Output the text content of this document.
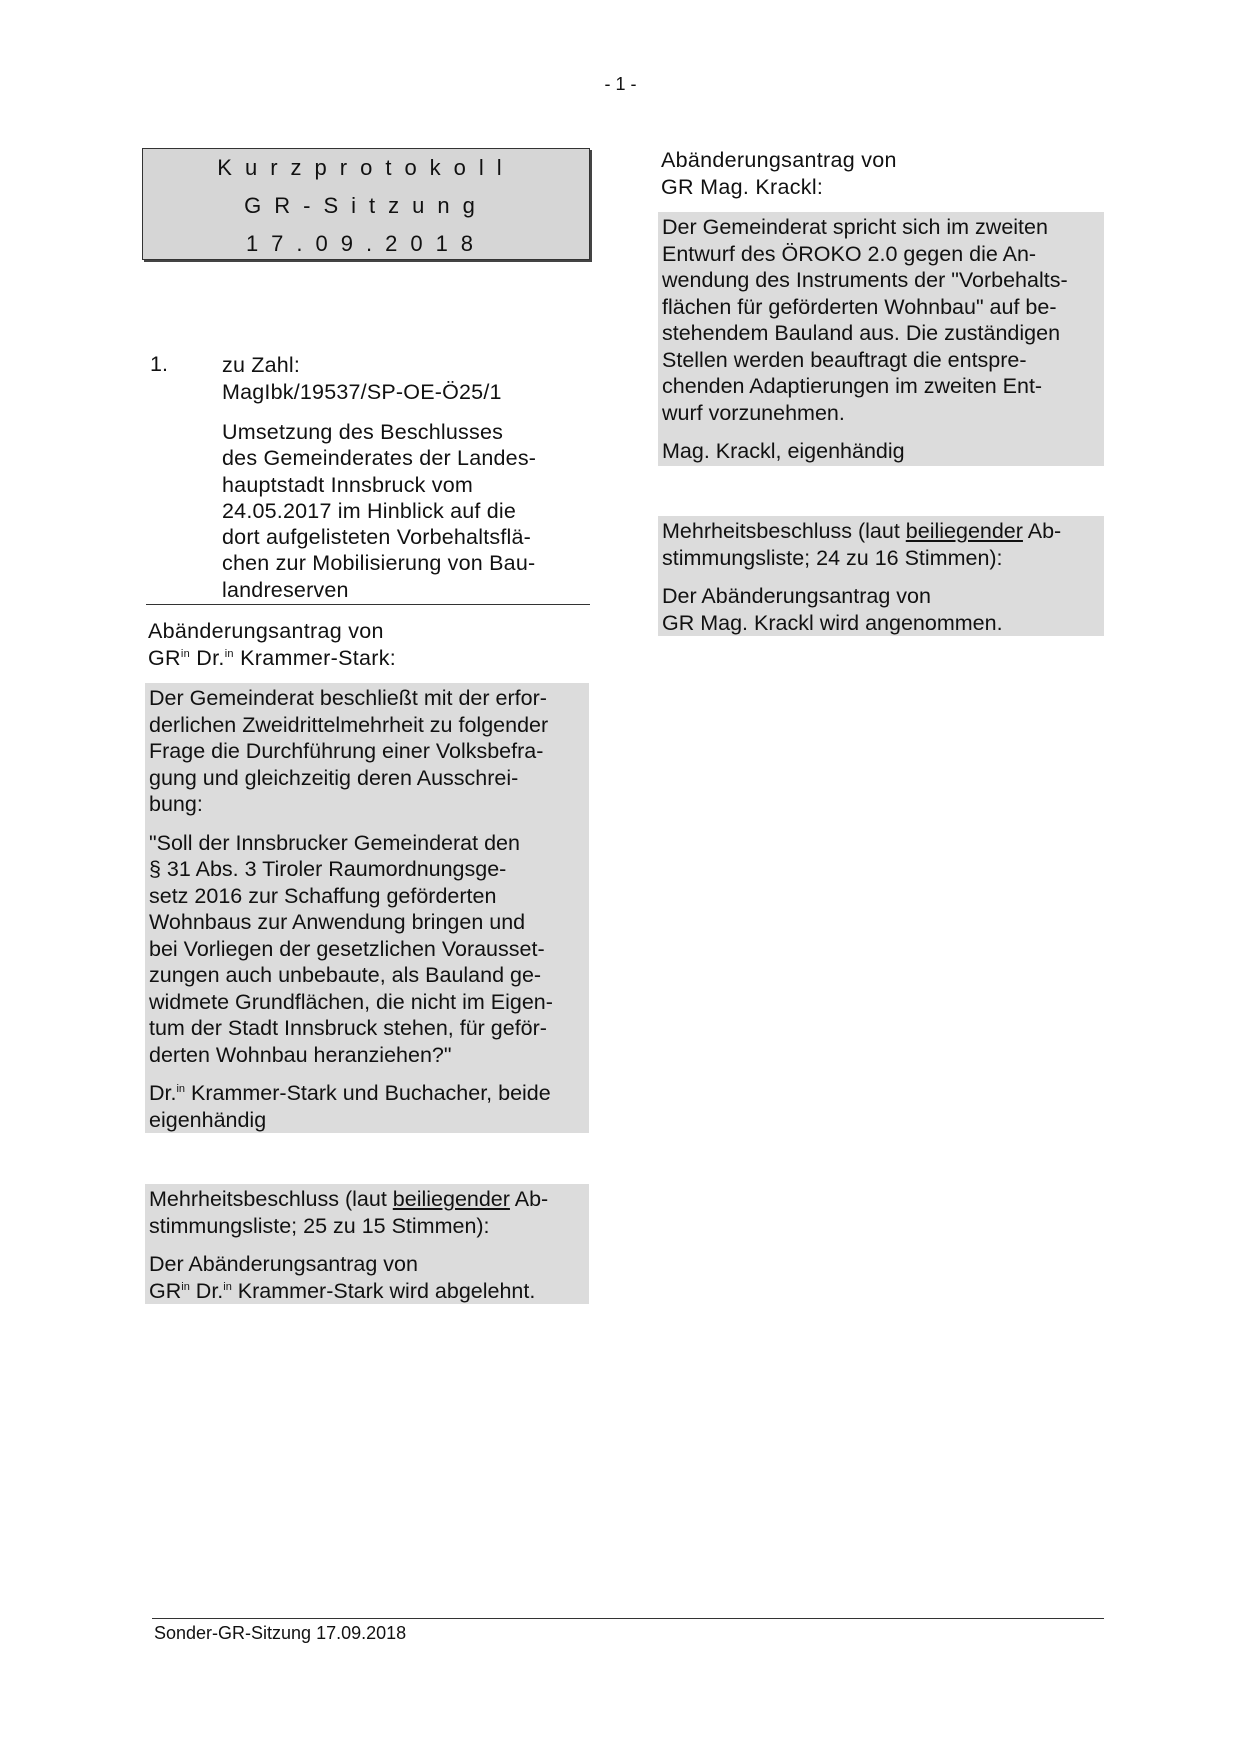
- 1 -
Kurzprotokoll
GR-Sitzung
17.09.2018
1.	zu Zahl:

MagIbk/19537/SP-OE-Ö25/1

Umsetzung des Beschlusses

des Gemeinderates der Landes-

hauptstadt Innsbruck vom

24.05.2017 im Hinblick auf die

dort aufgelisteten Vorbehaltsflä-

chen zur Mobilisierung von Bau-

landreserven

Abänderungsantrag von

$GR^{in}$ Dr.$^{in}$ Krammer-Stark:

Der Gemeinderat beschließt mit der erfor-

derlichen Zweidrittelmehrheit zu folgender

Frage die Durchführung einer Volksbefra-

gung und gleichzeitig deren Ausschrei-

bung:

"Soll der Innsbrucker Gemeinderat den

§ 31 Abs. 3 Tiroler Raumordnungsge-

setz 2016 zur Schaffung geförderten

Wohnbaus zur Anwendung bringen und

bei Vorliegen der gesetzlichen Vorausset-

zungen auch unbebaute, als Bauland ge-

widmete Grundflächen, die nicht im Eigen-

tum der Stadt Innsbruck stehen, für geför-

derten Wohnbau heranziehen?"

Dr.$^{in}$ Krammer-Stark und Buchacher, beide

eigenhändig

Mehrheitsbeschluss (laut beiliegender Ab-

stimmungsliste; 25 zu 15 Stimmen):

Der Abänderungsantrag von

$GR^{in}$ Dr.$^{in}$ Krammer-Stark wird abgelehnt.

Abänderungsantrag von

GR Mag. Krackl:

Der Gemeinderat spricht sich im zweiten

Entwurf des ÖROKO 2.0 gegen die An-

wendung des Instruments der "Vorbehalts-

flächen für geförderten Wohnbau" auf be-

stehendem Bauland aus. Die zuständigen

Stellen werden beauftragt die entspre-

chenden Adaptierungen im zweiten Ent-

wurf vorzunehmen.

Mag. Krackl, eigenhändig

Mehrheitsbeschluss (laut beiliegender Ab-

stimmungsliste; 24 zu 16 Stimmen):

Der Abänderungsantrag von

GR Mag. Krackl wird angenommen.

Sonder-GR-Sitzung 17.09.2018
